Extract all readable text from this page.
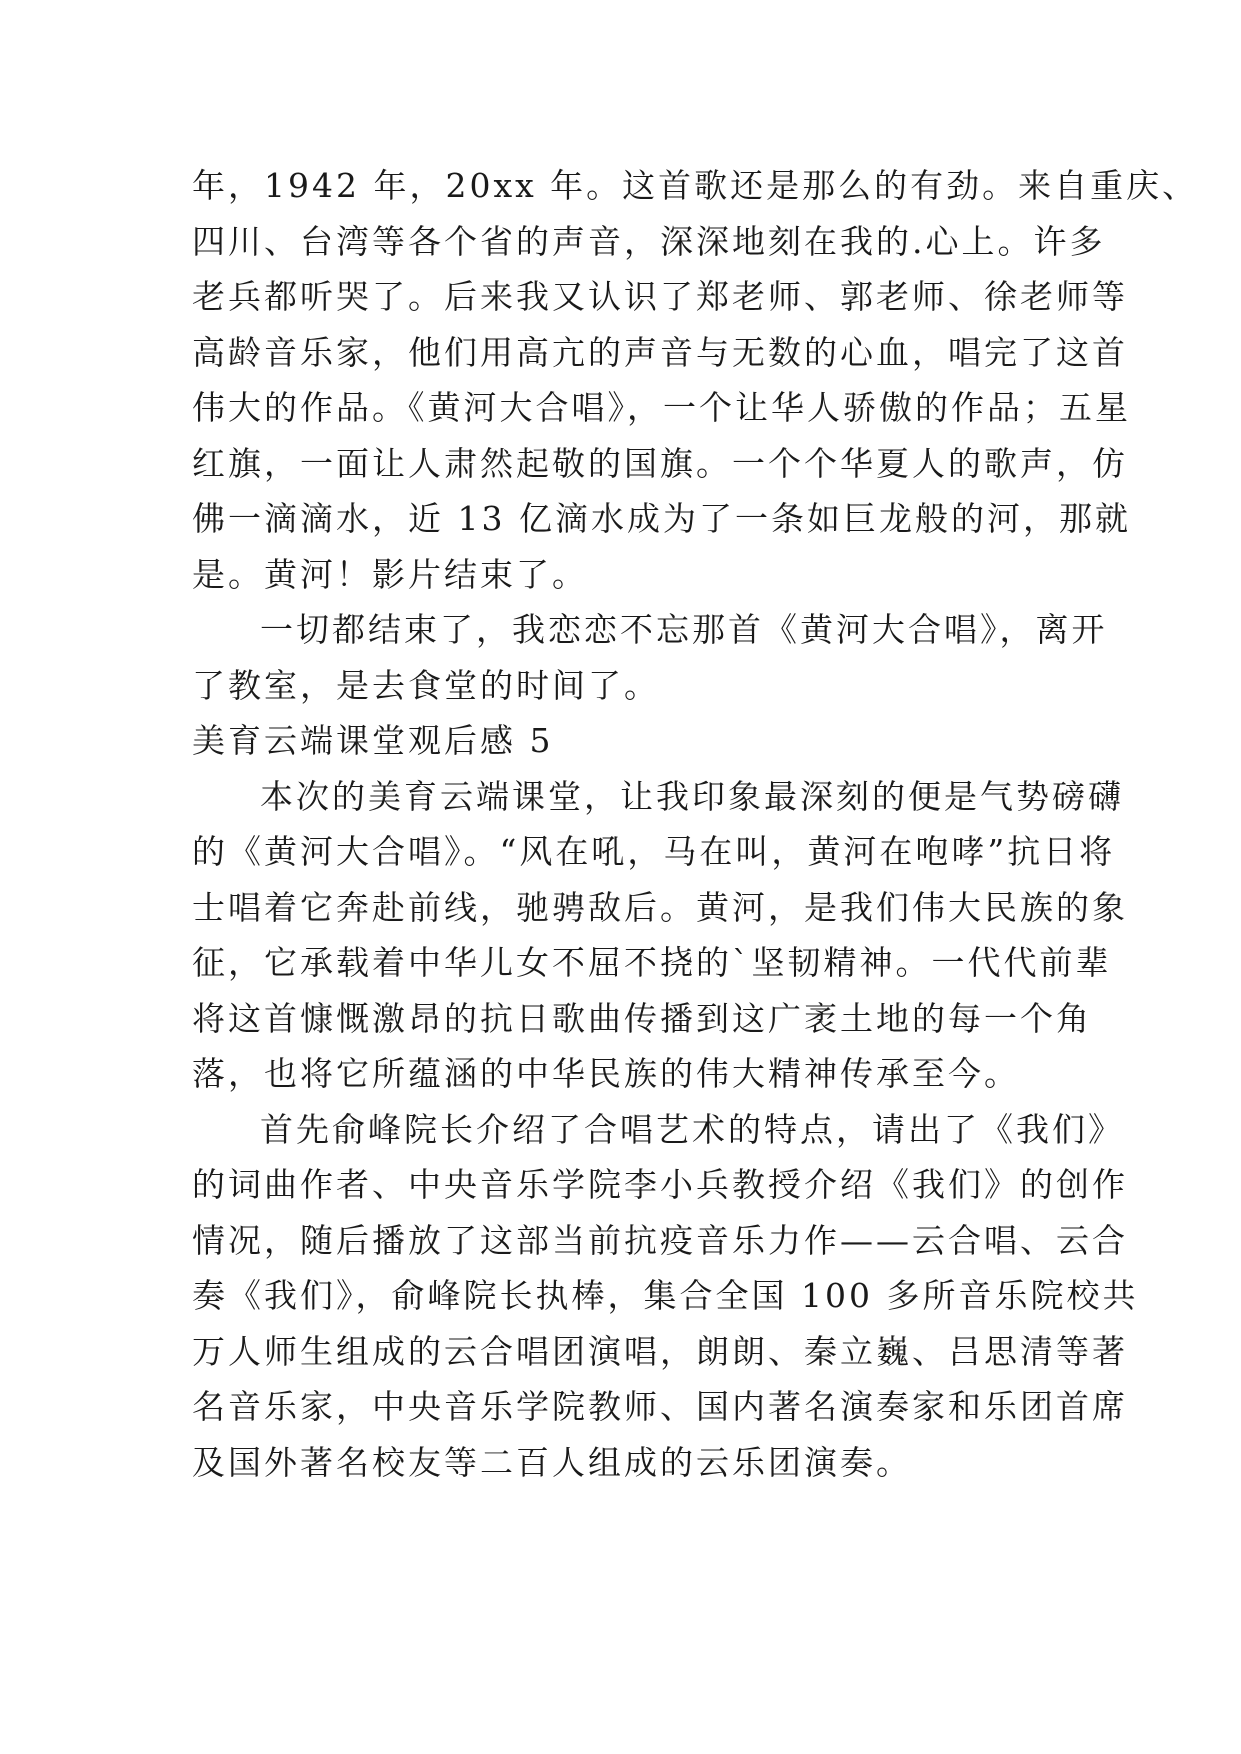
年，1942 年，20xx 年。这首歌还是那么的有劲。来自重庆、
四川、台湾等各个省的声音，深深地刻在我的.心上。许多
老兵都听哭了。后来我又认识了郑老师、郭老师、徐老师等
高龄音乐家，他们用高亢的声音与无数的心血，唱完了这首
伟大的作品。《黄河大合唱》，一个让华人骄傲的作品；五星
红旗，一面让人肃然起敬的国旗。一个个华夏人的歌声，仿
佛一滴滴水，近 13 亿滴水成为了一条如巨龙般的河，那就
是。黄河！影片结束了。
一切都结束了，我恋恋不忘那首《黄河大合唱》，离开
了教室，是去食堂的时间了。
美育云端课堂观后感 5
本次的美育云端课堂，让我印象最深刻的便是气势磅礴
的《黄河大合唱》。“风在吼，马在叫，黄河在咆哮”抗日将
士唱着它奔赴前线，驰骋敌后。黄河，是我们伟大民族的象
征，它承载着中华儿女不屈不挠的`坚韧精神。一代代前辈
将这首慷慨激昂的抗日歌曲传播到这广袤土地的每一个角
落，也将它所蕴涵的中华民族的伟大精神传承至今。
首先俞峰院长介绍了合唱艺术的特点，请出了《我们》
的词曲作者、中央音乐学院李小兵教授介绍《我们》的创作
情况，随后播放了这部当前抗疫音乐力作——云合唱、云合
奏《我们》，俞峰院长执棒，集合全国 100 多所音乐院校共
万人师生组成的云合唱团演唱，朗朗、秦立巍、吕思清等著
名音乐家，中央音乐学院教师、国内著名演奏家和乐团首席
及国外著名校友等二百人组成的云乐团演奏。
